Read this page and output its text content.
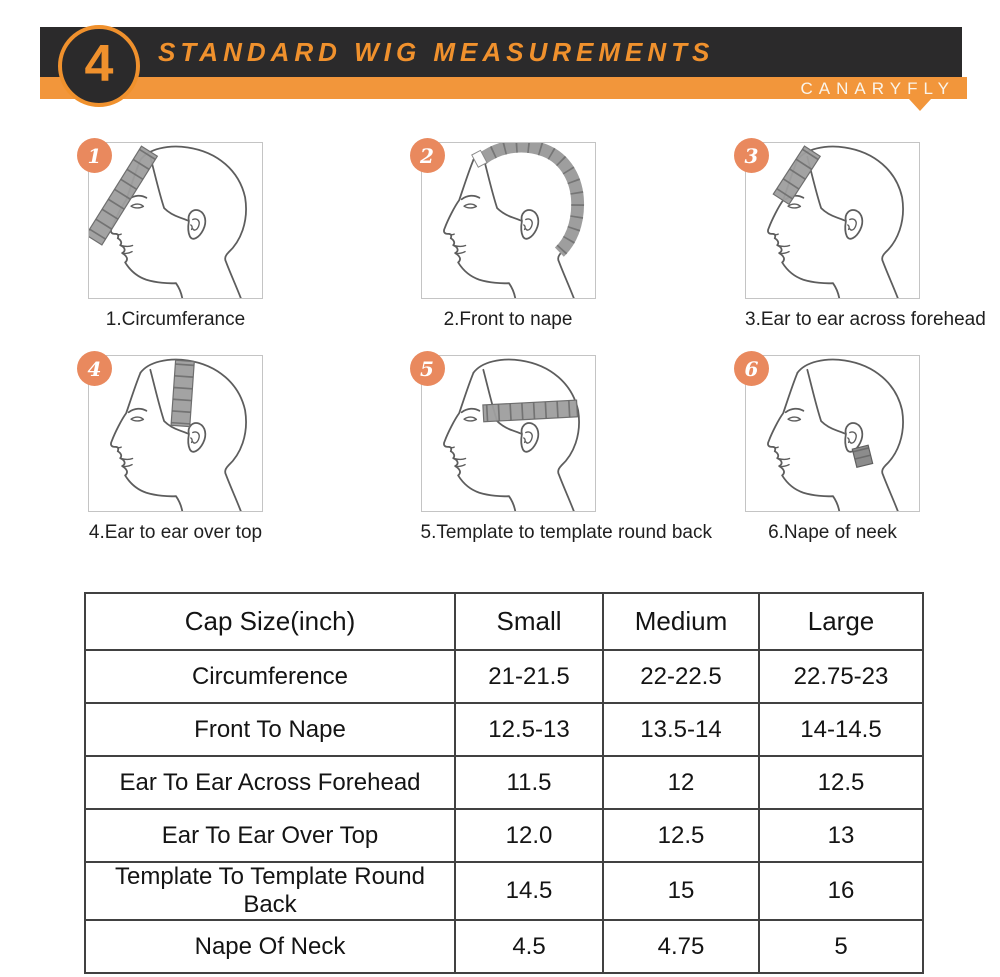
STANDARD WIG MEASUREMENTS
CANARYFLY
4
1
1.Circumferance
2
2.Front to nape
3
3.Ear to ear across forehead
4
4.Ear to ear over top
5
5.Template to template round back
6
6.Nape of neek
Cap Size(inch)	Small	Medium	Large
Circumference	21-21.5	22-22.5	22.75-23
Front To Nape	12.5-13	13.5-14	14-14.5
Ear To Ear Across Forehead	11.5	12	12.5
Ear To Ear Over Top	12.0	12.5	13
Template To Template Round Back	14.5	15	16
Nape Of Neck	4.5	4.75	5
